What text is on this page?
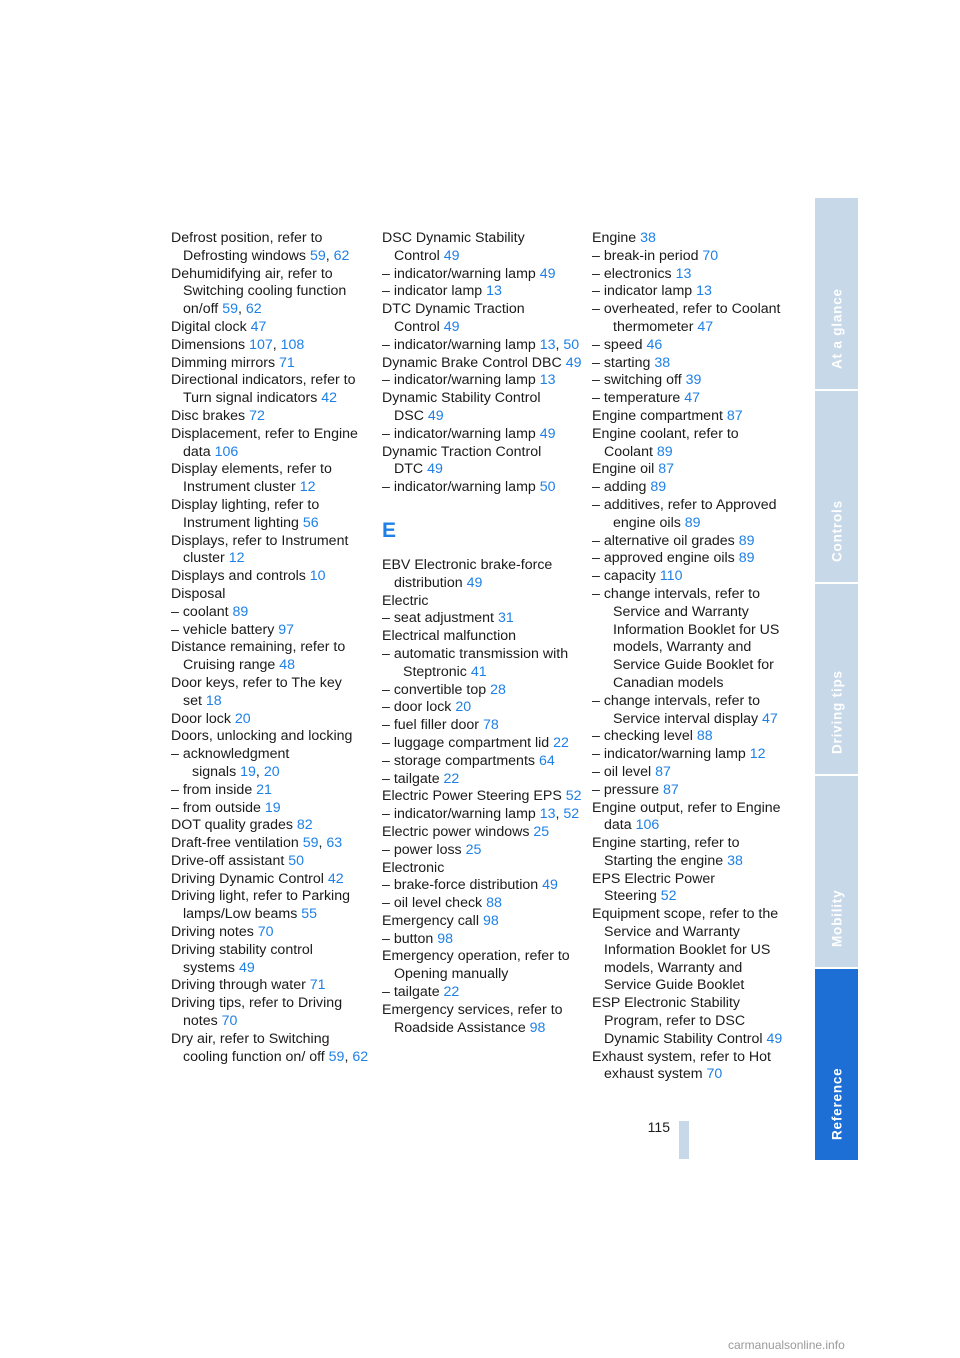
Defrost position, refer to Defrosting windows 59, 62
Dehumidifying air, refer to Switching cooling function on/off 59, 62
Digital clock 47
Dimensions 107, 108
Dimming mirrors 71
Directional indicators, refer to Turn signal indicators 42
Disc brakes 72
Displacement, refer to Engine data 106
Display elements, refer to Instrument cluster 12
Display lighting, refer to Instrument lighting 56
Displays, refer to Instrument cluster 12
Displays and controls 10
Disposal
– coolant 89
– vehicle battery 97
Distance remaining, refer to Cruising range 48
Door keys, refer to The key set 18
Door lock 20
Doors, unlocking and locking
– acknowledgment signals 19, 20
– from inside 21
– from outside 19
DOT quality grades 82
Draft-free ventilation 59, 63
Drive-off assistant 50
Driving Dynamic Control 42
Driving light, refer to Parking lamps/Low beams 55
Driving notes 70
Driving stability control systems 49
Driving through water 71
Driving tips, refer to Driving notes 70
Dry air, refer to Switching cooling function on/ off 59, 62
DSC Dynamic Stability Control 49
– indicator/warning lamp 49
– indicator lamp 13
DTC Dynamic Traction Control 49
– indicator/warning lamp 13, 50
Dynamic Brake Control DBC 49
– indicator/warning lamp 13
Dynamic Stability Control DSC 49
– indicator/warning lamp 49
Dynamic Traction Control DTC 49
– indicator/warning lamp 50
E
EBV Electronic brake-force distribution 49
Electric
– seat adjustment 31
Electrical malfunction
– automatic transmission with Steptronic 41
– convertible top 28
– door lock 20
– fuel filler door 78
– luggage compartment lid 22
– storage compartments 64
– tailgate 22
Electric Power Steering EPS 52
– indicator/warning lamp 13, 52
Electric power windows 25
– power loss 25
Electronic
– brake-force distribution 49
– oil level check 88
Emergency call 98
– button 98
Emergency operation, refer to Opening manually
– tailgate 22
Emergency services, refer to Roadside Assistance 98
Engine 38
– break-in period 70
– electronics 13
– indicator lamp 13
– overheated, refer to Coolant thermometer 47
– speed 46
– starting 38
– switching off 39
– temperature 47
Engine compartment 87
Engine coolant, refer to Coolant 89
Engine oil 87
– adding 89
– additives, refer to Approved engine oils 89
– alternative oil grades 89
– approved engine oils 89
– capacity 110
– change intervals, refer to Service and Warranty Information Booklet for US models, Warranty and Service Guide Booklet for Canadian models
– change intervals, refer to Service interval display 47
– checking level 88
– indicator/warning lamp 12
– oil level 87
– pressure 87
Engine output, refer to Engine data 106
Engine starting, refer to Starting the engine 38
EPS Electric Power Steering 52
Equipment scope, refer to the Service and Warranty Information Booklet for US models, Warranty and Service Guide Booklet
ESP Electronic Stability Program, refer to DSC Dynamic Stability Control 49
Exhaust system, refer to Hot exhaust system 70
At a glance
Controls
Driving tips
Mobility
Reference
115
carmanualsonline.info
